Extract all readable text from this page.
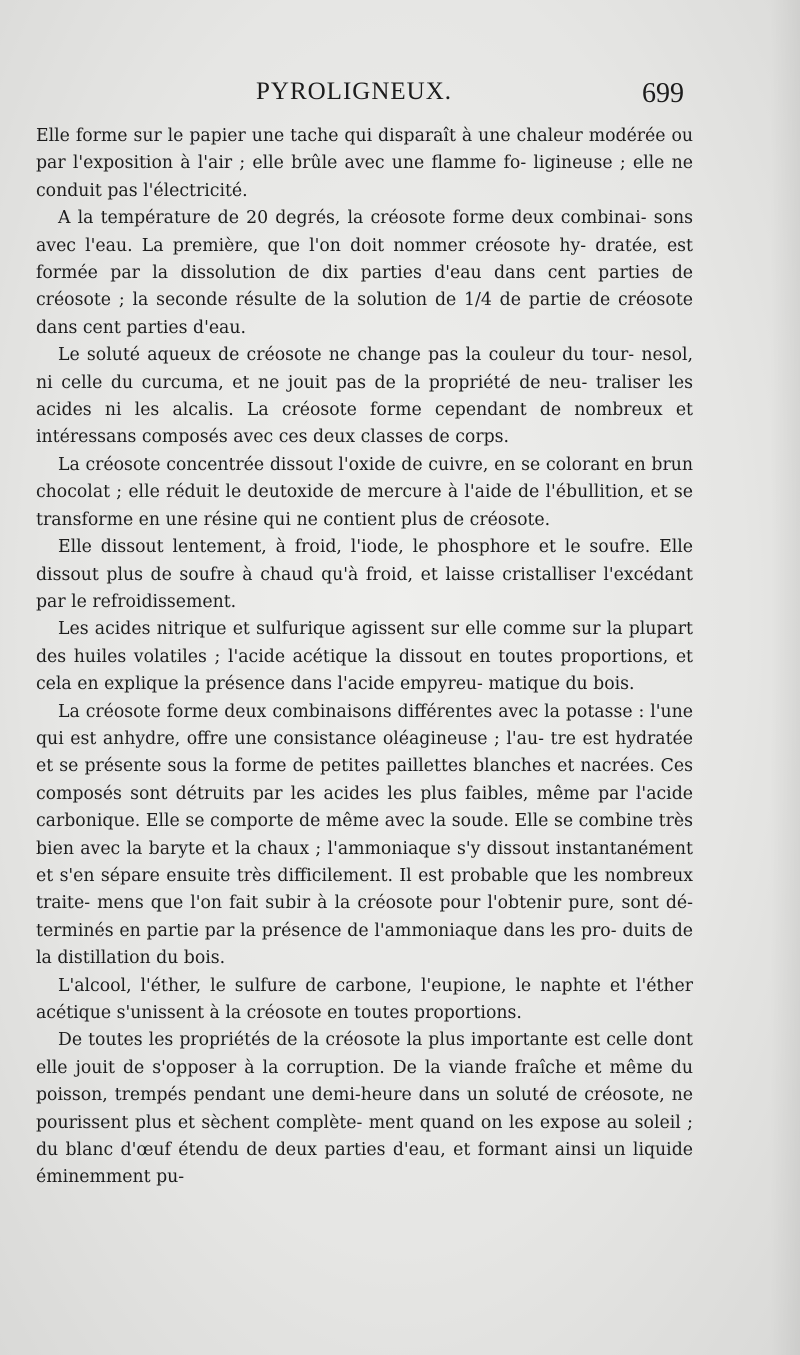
PYROLIGNEUX.	699

Elle forme sur le papier une tache qui disparaît à une chaleur modérée ou par l'exposition à l'air ; elle brûle avec une flamme fo- ligineuse ; elle ne conduit pas l'électricité.

A la température de 20 degrés, la créosote forme deux combinai- sons avec l'eau. La première, que l'on doit nommer créosote hy- dratée, est formée par la dissolution de dix parties d'eau dans cent parties de créosote ; la seconde résulte de la solution de 1/4 de partie de créosote dans cent parties d'eau.

Le soluté aqueux de créosote ne change pas la couleur du tour- nesol, ni celle du curcuma, et ne jouit pas de la propriété de neu- traliser les acides ni les alcalis. La créosote forme cependant de nombreux et intéressans composés avec ces deux classes de corps.

La créosote concentrée dissout l'oxide de cuivre, en se colorant en brun chocolat ; elle réduit le deutoxide de mercure à l'aide de l'ébullition, et se transforme en une résine qui ne contient plus de créosote.

Elle dissout lentement, à froid, l'iode, le phosphore et le soufre. Elle dissout plus de soufre à chaud qu'à froid, et laisse cristalliser l'excédant par le refroidissement.

Les acides nitrique et sulfurique agissent sur elle comme sur la plupart des huiles volatiles ; l'acide acétique la dissout en toutes proportions, et cela en explique la présence dans l'acide empyreu- matique du bois.

La créosote forme deux combinaisons différentes avec la potasse : l'une qui est anhydre, offre une consistance oléagineuse ; l'au- tre est hydratée et se présente sous la forme de petites paillettes blanches et nacrées. Ces composés sont détruits par les acides les plus faibles, même par l'acide carbonique. Elle se comporte de même avec la soude. Elle se combine très bien avec la baryte et la chaux ; l'ammoniaque s'y dissout instantanément et s'en sépare ensuite très difficilement. Il est probable que les nombreux traite- mens que l'on fait subir à la créosote pour l'obtenir pure, sont dé- terminés en partie par la présence de l'ammoniaque dans les pro- duits de la distillation du bois.

L'alcool, l'éther, le sulfure de carbone, l'eupione, le naphte et l'éther acétique s'unissent à la créosote en toutes proportions.

De toutes les propriétés de la créosote la plus importante est celle dont elle jouit de s'opposer à la corruption. De la viande fraîche et même du poisson, trempés pendant une demi-heure dans un soluté de créosote, ne pourissent plus et sèchent complète- ment quand on les expose au soleil ; du blanc d'œuf étendu de deux parties d'eau, et formant ainsi un liquide éminemment pu-
